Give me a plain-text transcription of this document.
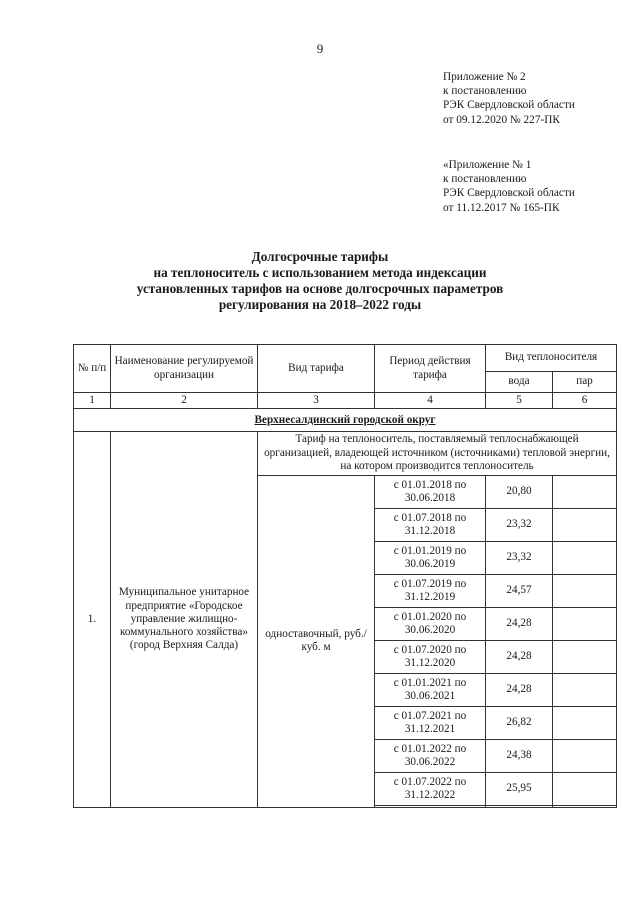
9
Приложение № 2
к постановлению
РЭК Свердловской области
от 09.12.2020 № 227-ПК
«Приложение № 1
к постановлению
РЭК Свердловской области
от 11.12.2017 № 165-ПК
Долгосрочные тарифы
на теплоноситель с использованием метода индексации
установленных тарифов на основе долгосрочных параметров
регулирования на 2018–2022 годы
№ п/п	Наименование регулируемой организации	Вид тарифа	Период действия тарифа	Вид теплоносителя	
				вода	пар
1	2	3	4	5	6
Верхнесалдинский городской округ					
1.	Муниципальное унитарное предприятие «Городское управление жилищно-коммунального хозяйства» (город Верхняя Салда)	Тариф на теплоноситель, поставляемый теплоснабжающей организацией, владеющей источником (источниками) тепловой энергии, на котором производится теплоноситель			
		одноставочный, руб./куб. м	с 01.01.2018 по 30.06.2018	20,80	
			с 01.07.2018 по 31.12.2018	23,32	
			с 01.01.2019 по 30.06.2019	23,32	
			с 01.07.2019 по 31.12.2019	24,57	
			с 01.01.2020 по 30.06.2020	24,28	
			с 01.07.2020 по 31.12.2020	24,28	
			с 01.01.2021 по 30.06.2021	24,28	
			с 01.07.2021 по 31.12.2021	26,82	
			с 01.01.2022 по 30.06.2022	24,38	
			с 01.07.2022 по 31.12.2022	25,95	
